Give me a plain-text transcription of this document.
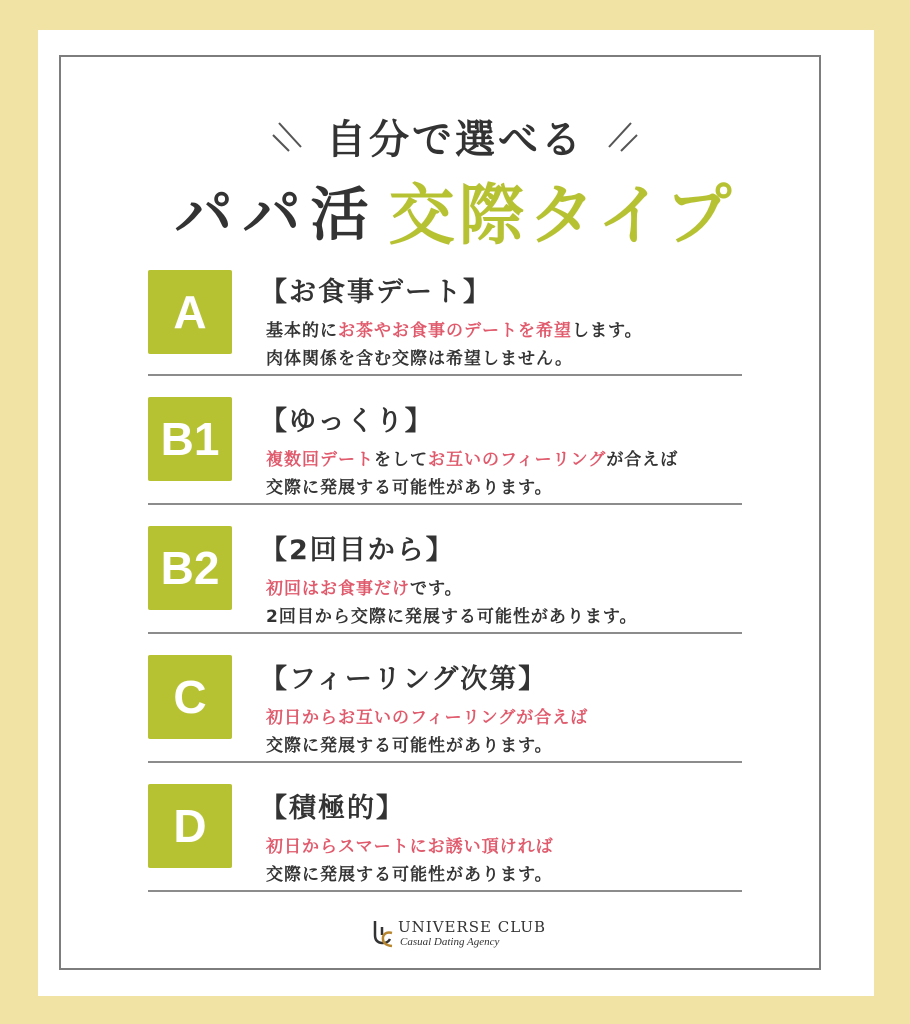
自分で選べる
パパ活 交際タイプ
A	【お食事デート】
基本的にお茶やお食事のデートを希望します。
肉体関係を含む交際は希望しません。
B1	【ゆっくり】
複数回デートをしてお互いのフィーリングが合えば
交際に発展する可能性があります。
B2	【2回目から】
初回はお食事だけです。
2回目から交際に発展する可能性があります。
C	【フィーリング次第】
初日からお互いのフィーリングが合えば
交際に発展する可能性があります。
D	【積極的】
初日からスマートにお誘い頂ければ
交際に発展する可能性があります。
UNIVERSE CLUB
Casual Dating Agency
